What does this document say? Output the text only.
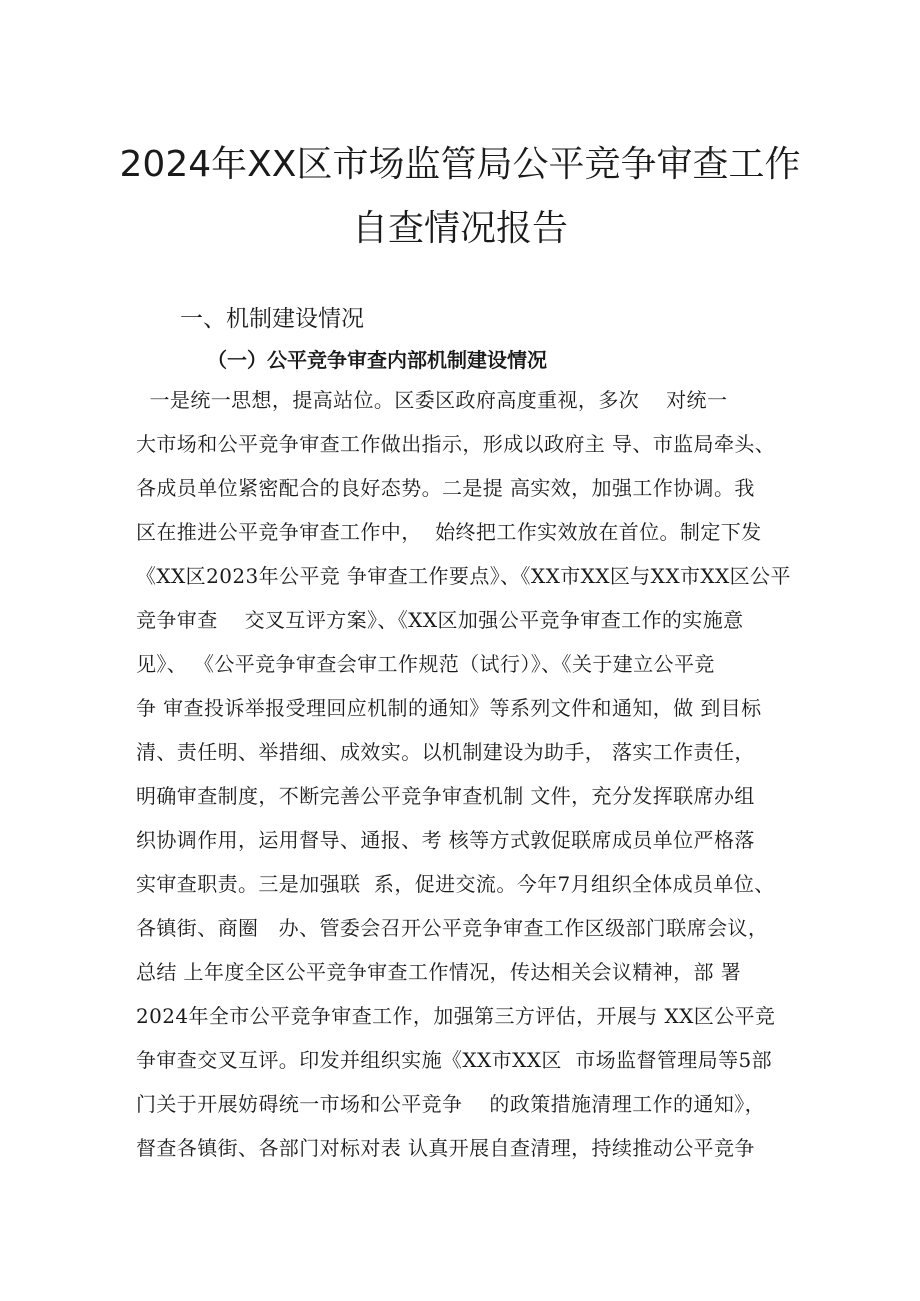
2024年XX区市场监管局公平竞争审查工作
自查情况报告
一、机制建设情况
（一）公平竞争审查内部机制建设情况
一是统一思想，提高站位。区委区政府高度重视，多次    对统一
大市场和公平竞争审查工作做出指示，形成以政府主 导、市监局牵头、
各成员单位紧密配合的良好态势。二是提 高实效，加强工作协调。我
区在推进公平竞争审查工作中，  始终把工作实效放在首位。制定下发
《XX区2023年公平竞 争审查工作要点》、《XX市XX区与XX市XX区公平
竞争审查    交叉互评方案》、《XX区加强公平竞争审查工作的实施意
见》、 《公平竞争审查会审工作规范（试行）》、《关于建立公平竞
争 审查投诉举报受理回应机制的通知》等系列文件和通知，做 到目标
清、责任明、举措细、成效实。以机制建设为助手， 落实工作责任，
明确审查制度，不断完善公平竞争审查机制 文件，充分发挥联席办组
织协调作用，运用督导、通报、考 核等方式敦促联席成员单位严格落
实审查职责。三是加强联  系，促进交流。今年7月组织全体成员单位、
各镇街、商圈   办、管委会召开公平竞争审查工作区级部门联席会议，
总结 上年度全区公平竞争审查工作情况，传达相关会议精神，部 署
2024年全市公平竞争审查工作，加强第三方评估，开展与 XX区公平竞
争审查交叉互评。印发并组织实施《XX市XX区  市场监督管理局等5部
门关于开展妨碍统一市场和公平竞争    的政策措施清理工作的通知》，
督查各镇街、各部门对标对表 认真开展自查清理，持续推动公平竞争
